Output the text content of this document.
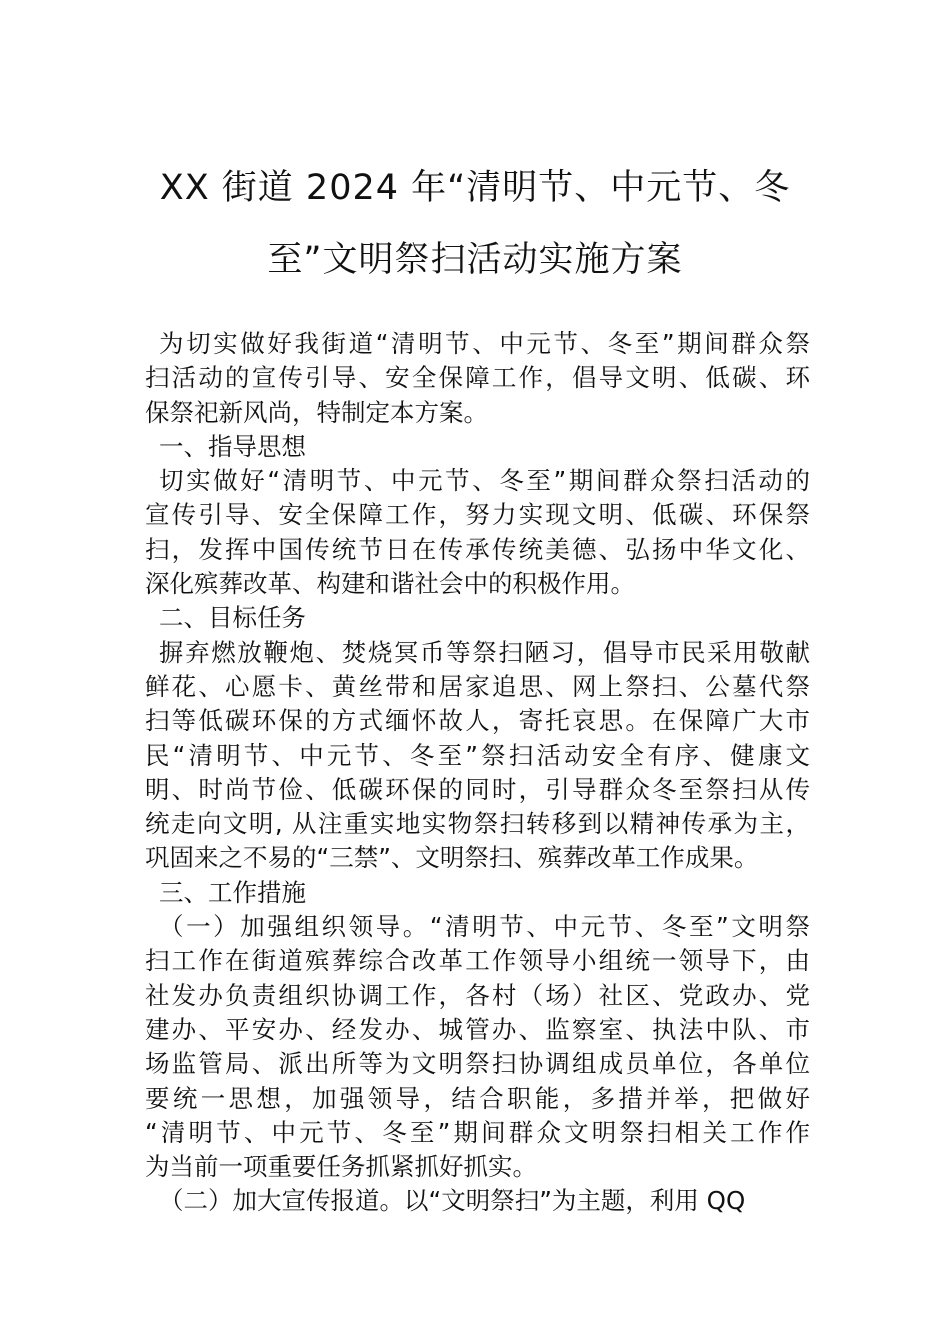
XX 街道 2024 年“清明节、中元节、冬
至”文明祭扫活动实施方案
为切实做好我街道“清明节、中元节、冬至”期间群众祭
扫活动的宣传引导、安全保障工作，倡导文明、低碳、环
保祭祀新风尚，特制定本方案。
一、指导思想
切实做好“清明节、中元节、冬至”期间群众祭扫活动的
宣传引导、安全保障工作，努力实现文明、低碳、环保祭
扫，发挥中国传统节日在传承传统美德、弘扬中华文化、
深化殡葬改革、构建和谐社会中的积极作用。
二、目标任务
摒弃燃放鞭炮、焚烧冥币等祭扫陋习，倡导市民采用敬献
鲜花、心愿卡、黄丝带和居家追思、网上祭扫、公墓代祭
扫等低碳环保的方式缅怀故人，寄托哀思。在保障广大市
民“清明节、中元节、冬至”祭扫活动安全有序、健康文
明、时尚节俭、低碳环保的同时，引导群众冬至祭扫从传
统走向文明, 从注重实地实物祭扫转移到以精神传承为主，
巩固来之不易的“三禁”、文明祭扫、殡葬改革工作成果。
三、工作措施
（一）加强组织领导。“清明节、中元节、冬至”文明祭
扫工作在街道殡葬综合改革工作领导小组统一领导下，由
社发办负责组织协调工作，各村（场）社区、党政办、党
建办、平安办、经发办、城管办、监察室、执法中队、市
场监管局、派出所等为文明祭扫协调组成员单位，各单位
要统一思想，加强领导，结合职能，多措并举，把做好
“清明节、中元节、冬至”期间群众文明祭扫相关工作作
为当前一项重要任务抓紧抓好抓实。
（二）加大宣传报道。以“文明祭扫”为主题，利用 QQ
